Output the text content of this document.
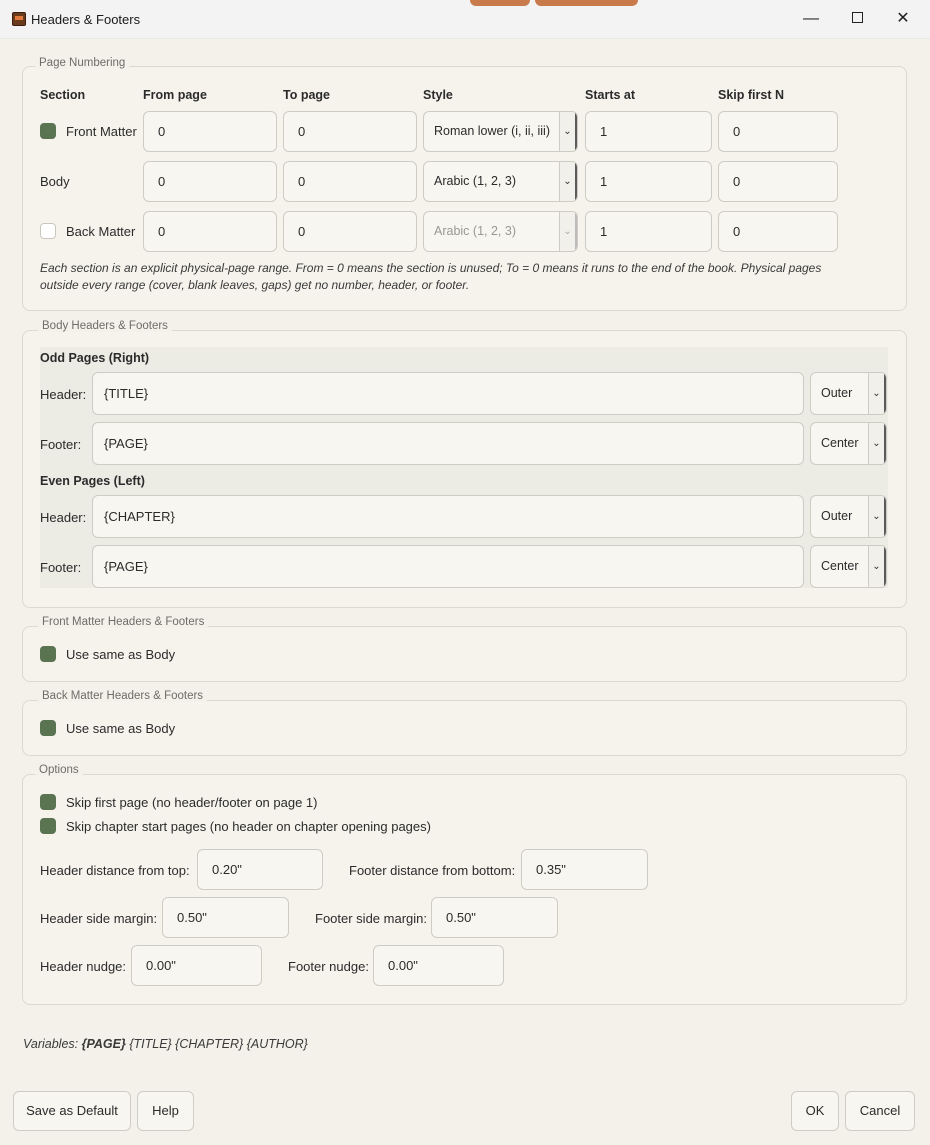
Headers & Footers	—	✕
Page Numbering
Section	From page	To page	Style	Starts at	Skip first N
Front Matter	0	0	Roman lower (i, ii, iii)	⌄	1	0
Body	0	0	Arabic (1, 2, 3)	⌄	1	0
Back Matter	0	0	Arabic (1, 2, 3)	⌄	1	0
Each section is an explicit physical-page range. From = 0 means the section is unused; To = 0 means it runs to the end of the book. Physical pages
outside every range (cover, blank leaves, gaps) get no number, header, or footer.
Body Headers & Footers
Odd Pages (Right)
Header:	{TITLE}	Outer	⌄
Footer:	{PAGE}	Center	⌄
Even Pages (Left)
Header:	{CHAPTER}	Outer	⌄
Footer:	{PAGE}	Center	⌄
Front Matter Headers & Footers
Use same as Body
Back Matter Headers & Footers
Use same as Body
Options
Skip first page (no header/footer on page 1)
Skip chapter start pages (no header on chapter opening pages)
Header distance from top:	0.20"	Footer distance from bottom:	0.35"
Header side margin:	0.50"	Footer side margin:	0.50"
Header nudge:	0.00"	Footer nudge:	0.00"
Variables: {PAGE} {TITLE} {CHAPTER} {AUTHOR}
Save as Default	Help	OK	Cancel
